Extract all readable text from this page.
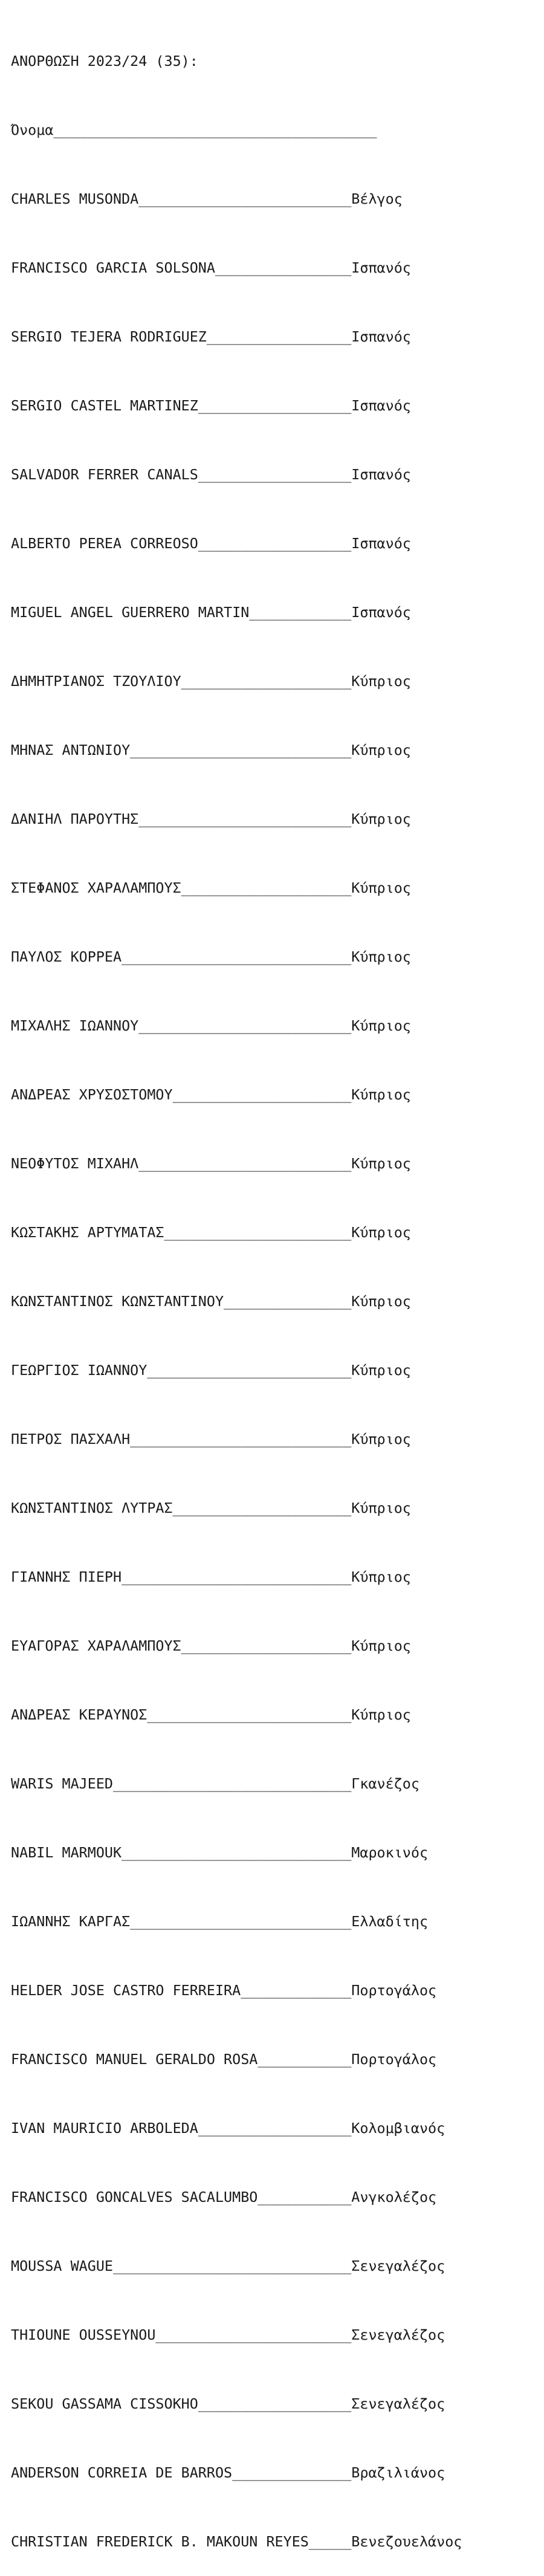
ΑΝΟΡΘΩΣΗ 2023/24 (35):

Όνομα______________________________________

CHARLES MUSONDA_________________________Βέλγος

FRANCISCO GARCIA SOLSONA________________Ισπανός

SERGIO TEJERA RODRIGUEZ_________________Ισπανός

SERGIO CASTEL MARTINEZ__________________Ισπανός

SALVADOR FERRER CANALS__________________Ισπανός

ALBERTO PEREA CORREOSO__________________Ισπανός

MIGUEL ANGEL GUERRERO MARTIN____________Ισπανός

ΔΗΜΗΤΡΙΑΝΟΣ ΤΖΟΥΛΙΟΥ____________________Κύπριος

ΜΗΝΑΣ ΑΝΤΩΝΙΟΥ__________________________Κύπριος

ΔΑΝΙΗΛ ΠΑΡΟΥΤΗΣ_________________________Κύπριος

ΣΤΕΦΑΝΟΣ ΧΑΡΑΛΑΜΠΟΥΣ____________________Κύπριος

ΠΑΥΛΟΣ ΚΟΡΡΕΑ___________________________Κύπριος

ΜΙΧΑΛΗΣ ΙΩΑΝΝΟΥ_________________________Κύπριος

ΑΝΔΡΕΑΣ ΧΡΥΣΟΣΤΟΜΟΥ_____________________Κύπριος

ΝΕΟΦΥΤΟΣ ΜΙΧΑΗΛ_________________________Κύπριος

ΚΩΣΤΑΚΗΣ ΑΡΤΥΜΑΤΑΣ______________________Κύπριος

ΚΩΝΣΤΑΝΤΙΝΟΣ ΚΩΝΣΤΑΝΤΙΝΟΥ_______________Κύπριος

ΓΕΩΡΓΙΟΣ ΙΩΑΝΝΟΥ________________________Κύπριος

ΠΕΤΡΟΣ ΠΑΣΧΑΛΗ__________________________Κύπριος

ΚΩΝΣΤΑΝΤΙΝΟΣ ΛΥΤΡΑΣ_____________________Κύπριος

ΓΙΑΝΝΗΣ ΠΙΕΡΗ___________________________Κύπριος

ΕΥΑΓΟΡΑΣ ΧΑΡΑΛΑΜΠΟΥΣ____________________Κύπριος

ΑΝΔΡΕΑΣ ΚΕΡΑΥΝΟΣ________________________Κύπριος

WARIS MAJEED____________________________Γκανέζος

NABIL MARMOUK___________________________Μαροκινός

ΙΩΑΝΝΗΣ ΚΑΡΓΑΣ__________________________Ελλαδίτης

HELDER JOSE CASTRO FERREIRA_____________Πορτογάλος

FRANCISCO MANUEL GERALDO ROSA___________Πορτογάλος

IVAN MAURICIO ARBOLEDA__________________Κολομβιανός

FRANCISCO GONCALVES SACALUMBO___________Ανγκολέζος

MOUSSA WAGUE____________________________Σενεγαλέζος

THIOUNE OUSSEYNOU_______________________Σενεγαλέζος

SEKOU GASSAMA CISSOKHO__________________Σενεγαλέζος

ANDERSON CORREIA DE BARROS______________Βραζιλιάνος

CHRISTIAN FREDERICK B. MAKOUN REYES_____Βενεζουελάνος
